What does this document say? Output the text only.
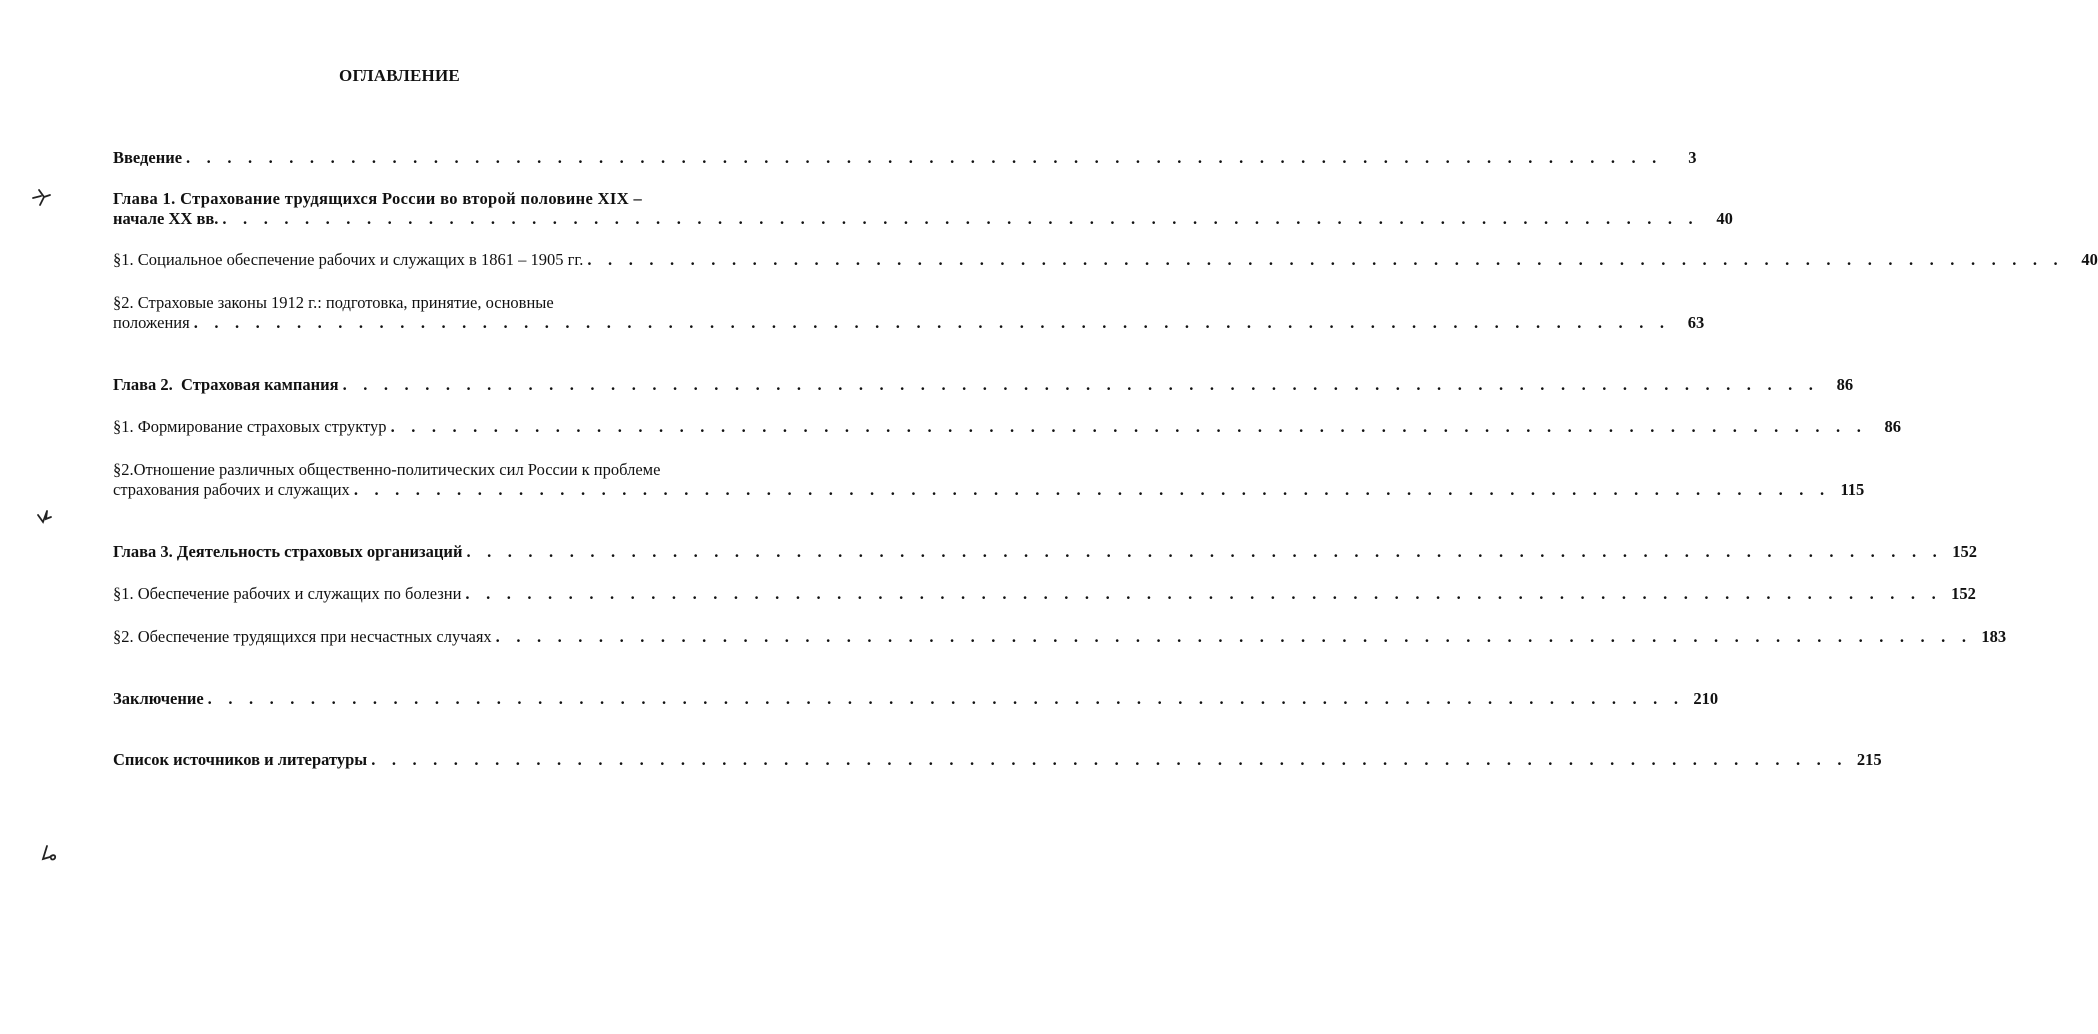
ОГЛАВЛЕНИЕ
Введение . . . . . . . . . . . . . . . . . . . . . . . . . . . . . . . . . . . . . . . . . . . . . . . . . . . . . . . . . . . . . . . . . . . . . . . .	3
Глава 1. Страхование трудящихся России во второй половине XIX –
начале XX вв. . . . . . . . . . . . . . . . . . . . . . . . . . . . . . . . . . . . . . . . . . . . . . . . . . . . . . . . . . . . . . . . . . . . . . . . .	40
§1. Социальное обеспечение рабочих и служащих в 1861 – 1905 гг. . . . . . . . . . . . . . . . . . . . . . . . . . . . . . . . . . . . . . . . . . . . . . . . . . . . . . . . . . . . . . . . . . . . . . . . .	40
§2. Страховые законы 1912 г.: подготовка, принятие, основные
положения . . . . . . . . . . . . . . . . . . . . . . . . . . . . . . . . . . . . . . . . . . . . . . . . . . . . . . . . . . . . . . . . . . . . . . . .	63
Глава 2.  Страховая кампания . . . . . . . . . . . . . . . . . . . . . . . . . . . . . . . . . . . . . . . . . . . . . . . . . . . . . . . . . . . . . . . . . . . . . . . .	86
§1. Формирование страховых структур . . . . . . . . . . . . . . . . . . . . . . . . . . . . . . . . . . . . . . . . . . . . . . . . . . . . . . . . . . . . . . . . . . . . . . . .	86
§2.Отношение различных общественно-политических сил России к проблеме
страхования рабочих и служащих . . . . . . . . . . . . . . . . . . . . . . . . . . . . . . . . . . . . . . . . . . . . . . . . . . . . . . . . . . . . . . . . . . . . . . . . 115
Глава 3. Деятельность страховых организаций . . . . . . . . . . . . . . . . . . . . . . . . . . . . . . . . . . . . . . . . . . . . . . . . . . . . . . . . . . . . . . . . . . . . . . . . 152
§1. Обеспечение рабочих и служащих по болезни . . . . . . . . . . . . . . . . . . . . . . . . . . . . . . . . . . . . . . . . . . . . . . . . . . . . . . . . . . . . . . . . . . . . . . . . 152
§2. Обеспечение трудящихся при несчастных случаях . . . . . . . . . . . . . . . . . . . . . . . . . . . . . . . . . . . . . . . . . . . . . . . . . . . . . . . . . . . . . . . . . . . . . . . . 183
Заключение . . . . . . . . . . . . . . . . . . . . . . . . . . . . . . . . . . . . . . . . . . . . . . . . . . . . . . . . . . . . . . . . . . . . . . . . 210
Список источников и литературы . . . . . . . . . . . . . . . . . . . . . . . . . . . . . . . . . . . . . . . . . . . . . . . . . . . . . . . . . . . . . . . . . . . . . . . . 215
